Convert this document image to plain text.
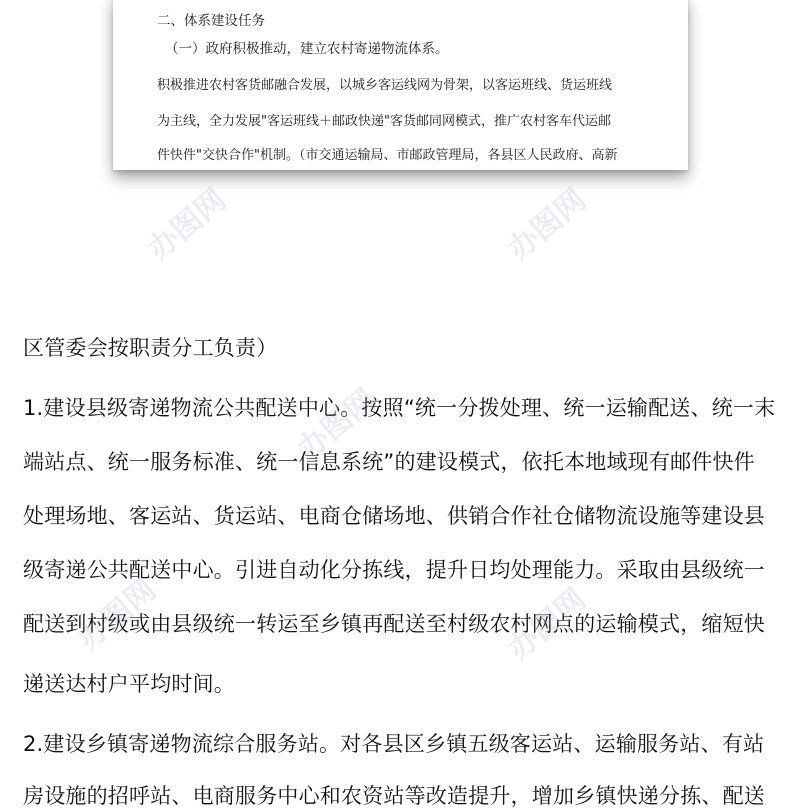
二、体系建设任务
（一）政府积极推动，建立农村寄递物流体系。
积极推进农村客货邮融合发展，以城乡客运线网为骨架，以客运班线、货运班线
为主线，全力发展"客运班线＋邮政快递"客货邮同网模式，推广农村客车代运邮
件快件"交快合作"机制。（市交通运输局、市邮政管理局，各县区人民政府、高新
区管委会按职责分工负责）
1.建设县级寄递物流公共配送中心。按照“统一分拨处理、统一运输配送、统一末
端站点、统一服务标准、统一信息系统”的建设模式，依托本地域现有邮件快件
处理场地、客运站、货运站、电商仓储场地、供销合作社仓储物流设施等建设县
级寄递公共配送中心。引进自动化分拣线，提升日均处理能力。采取由县级统一
配送到村级或由县级统一转运至乡镇再配送至村级农村网点的运输模式，缩短快
递送达村户平均时间。
2.建设乡镇寄递物流综合服务站。对各县区乡镇五级客运站、运输服务站、有站
房设施的招呼站、电商服务中心和农资站等改造提升，增加乡镇快递分拣、配送
办图网	办图网
办图网
办图网	办图网
